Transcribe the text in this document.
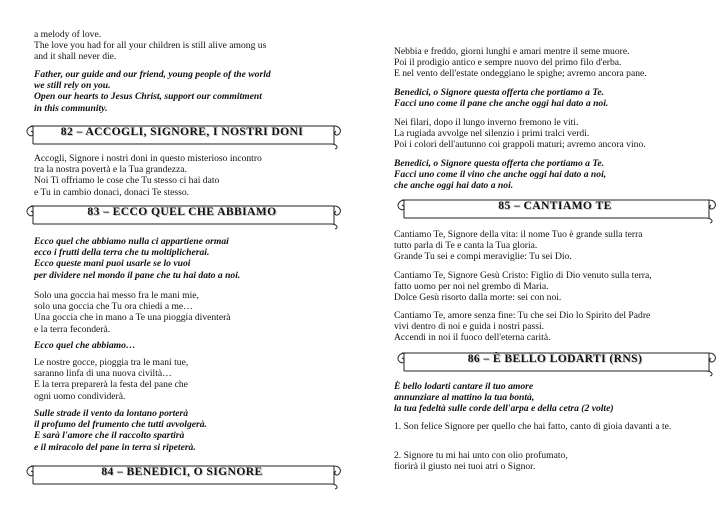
a melody of love.
The love you had for all your children is still alive among us
and it shall never die.
Father, our guide and our friend, young people of the world
we still rely on you.
Open our hearts to Jesus Christ, support our commitment
in this community.
82 – ACCOGLI, SIGNORE, I NOSTRI DONI
Accogli, Signore i nostri doni in questo misterioso incontro
tra la nostra povertà e la Tua grandezza.
Noi Ti offriamo le cose che Tu stesso ci hai dato
e Tu in cambio donaci, donaci Te stesso.
83 – ECCO QUEL CHE ABBIAMO
Ecco quel che abbiamo nulla ci appartiene ormai
ecco i frutti della terra che tu moltiplicherai.
Ecco queste mani puoi usarle se lo vuoi
per dividere nel mondo il pane che tu hai dato a noi.
Solo una goccia hai messo fra le mani mie,
solo una goccia che Tu ora chiedi a me…
Una goccia che in mano a Te una pioggia diventerà
e la terra feconderà.
Ecco quel che abbiamo…
Le nostre gocce, pioggia tra le mani tue,
saranno linfa di una nuova civiltà…
E la terra preparerà la festa del pane che
ogni uomo condividerà.
Sulle strade il vento da lontano porterà
il profumo del frumento che tutti avvolgerà.
E sarà l'amore che il raccolto spartirà
e il miracolo del pane in terra si ripeterà.
84 – BENEDICI, O SIGNORE
Nebbia e freddo, giorni lunghi e amari mentre il seme muore.
Poi il prodigio antico e sempre nuovo del primo filo d'erba.
E nel vento dell'estate ondeggiano le spighe; avremo ancora pane.
Benedici, o Signore questa offerta che portiamo a Te.
Facci uno come il pane che anche oggi hai dato a noi.
Nei filari, dopo il lungo inverno fremono le viti.
La rugiada avvolge nel silenzio i primi tralci verdi.
Poi i colori dell'autunno coi grappoli maturi; avremo ancora vino.
Benedici, o Signore questa offerta che portiamo a Te.
Facci uno come il vino che anche oggi hai dato a noi,
che anche oggi hai dato a noi.
85 – CANTIAMO TE
Cantiamo Te, Signore della vita: il nome Tuo è grande sulla terra
tutto parla di Te e canta la Tua gloria.
Grande Tu sei e compi meraviglie: Tu sei Dio.
Cantiamo Te, Signore Gesù Cristo: Figlio di Dio venuto sulla terra,
fatto uomo per noi nel grembo di Maria.
Dolce Gesù risorto dalla morte: sei con noi.
Cantiamo Te, amore senza fine: Tu che sei Dio lo Spirito del Padre
vivi dentro di noi e guida i nostri passi.
Accendi in noi il fuoco dell'eterna carità.
86 – È BELLO LODARTI (RNS)
È bello lodarti cantare il tuo amore
annunziare al mattino la tua bontà,
la tua fedeltà sulle corde dell'arpa e della cetra (2 volte)
1. Son felice Signore per quello che hai fatto, canto di gioia davanti a te.
2. Signore tu mi hai unto con olio profumato,
fiorirà il giusto nei tuoi atri o Signor.
